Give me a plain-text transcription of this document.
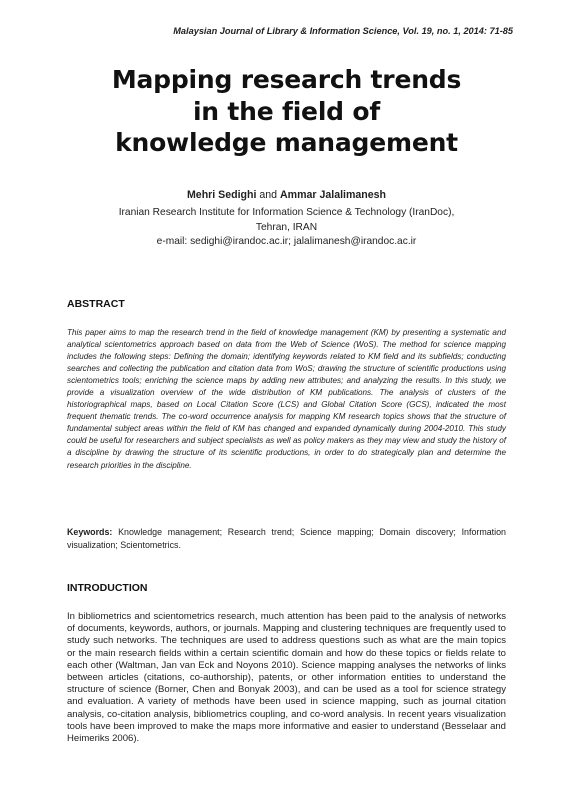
Malaysian Journal of Library & Information Science, Vol. 19, no. 1, 2014: 71-85
Mapping research trends
in the field of
knowledge management
Mehri Sedighi and Ammar Jalalimanesh
Iranian Research Institute for Information Science & Technology (IranDoc),
Tehran, IRAN
e-mail: sedighi@irandoc.ac.ir; jalalimanesh@irandoc.ac.ir
ABSTRACT
This paper aims to map the research trend in the field of knowledge management (KM) by presenting a systematic and analytical scientometrics approach based on data from the Web of Science (WoS). The method for science mapping includes the following steps: Defining the domain; identifying keywords related to KM field and its subfields; conducting searches and collecting the publication and citation data from WoS; drawing the structure of scientific productions using scientometrics tools; enriching the science maps by adding new attributes; and analyzing the results. In this study, we provide a visualization overview of the wide distribution of KM publications. The analysis of clusters of the historiographical maps, based on Local Citation Score (LCS) and Global Citation Score (GCS), indicated the most frequent thematic trends. The co-word occurrence analysis for mapping KM research topics shows that the structure of fundamental subject areas within the field of KM has changed and expanded dynamically during 2004-2010. This study could be useful for researchers and subject specialists as well as policy makers as they may view and study the history of a discipline by drawing the structure of its scientific productions, in order to do strategically plan and determine the research priorities in the discipline.
Keywords: Knowledge management; Research trend; Science mapping; Domain discovery; Information visualization; Scientometrics.
INTRODUCTION
In bibliometrics and scientometrics research, much attention has been paid to the analysis of networks of documents, keywords, authors, or journals. Mapping and clustering techniques are frequently used to study such networks. The techniques are used to address questions such as what are the main topics or the main research fields within a certain scientific domain and how do these topics or fields relate to each other (Waltman, Jan van Eck and Noyons 2010). Science mapping analyses the networks of links between articles (citations, co-authorship), patents, or other information entities to understand the structure of science (Borner, Chen and Bonyak 2003), and can be used as a tool for science strategy and evaluation. A variety of methods have been used in science mapping, such as journal citation analysis, co-citation analysis, bibliometrics coupling, and co-word analysis. In recent years visualization tools have been improved to make the maps more informative and easier to understand (Besselaar and Heimeriks 2006).
